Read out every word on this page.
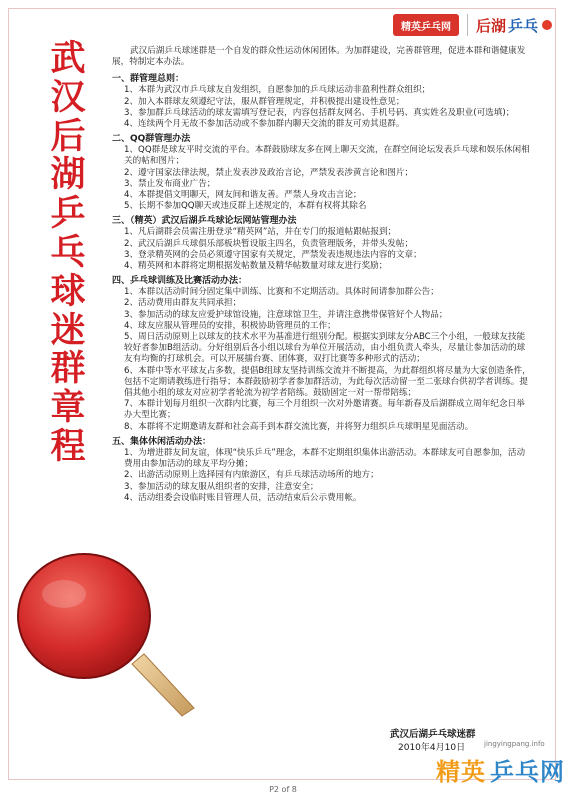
精英乒乓网	后湖 乒乓
武
汉
后
湖
乒
乓
球
迷
群
章
程

武汉后湖乒乓球迷群是一个自发的群众性运动休闲团体。为加群建设，完善群管理，促进本群和谐健康发展，特制定本办法。

一、群管理总则：

1、本群为武汉市乒乓球友自发组织，自愿参加的乒乓球运动非盈利性群众组织；

2、加入本群球友须遵纪守法，服从群管理规定，并积极提出建设性意见；

3、参加群乒乓球活动的球友需填写登记表，内容包括群友网名、手机号码、真实姓名及职业(可选填)；

4、连续两个月无故不参加活动或不参加群内聊天交流的群友可劝其退群。

二、QQ群管理办法

1、QQ群是球友平时交流的平台。本群鼓励球友多在网上聊天交流，在群空间论坛发表乒乓球和娱乐休闲相关的帖和图片；

2、遵守国家法律法规，禁止发表涉及政治言论，严禁发表涉黄言论和图片；

3、禁止发布商业广告；

4、本群提倡文明聊天，网友间和谐友善。严禁人身攻击言论；

5、长期不参加QQ聊天或违反群上述规定的，本群有权将其除名

三、（精英）武汉后湖乒乓球论坛网站管理办法

1、凡后湖群会员需注册登录“精英网”站，并在专门的报道帖跟帖报到；

2、武汉后湖乒乓球俱乐部板块暂设版主四名，负责管理版务，并带头发帖；

3、登录精英网的会员必须遵守国家有关规定，严禁发表违规违法内容的文章；

4、精英网和本群将定期根据发帖数量及精华帖数量对球友进行奖励；

四、乒乓球训练及比赛活动办法：

1、本群以活动时间分固定集中训练、比赛和不定期活动。具体时间请参加群公告；

2、活动费用由群友共同承担；

3、参加活动的球友应爱护球馆设施，注意球馆卫生，并请注意携带保管好个人物品；

4、球友应服从管理员的安排，积极协助管理员的工作；

5、周日活动原则上以球友的技术水平为基准进行组别分配。根据实到球友分ABC三个小组，一般球友技能较好者参加B组活动。分好组别后各小组以球台为单位开展活动，由小组负责人牵头，尽量让参加活动的球友有均衡的打球机会。可以开展擂台赛、团体赛，双打比赛等多种形式的活动；

6、本群中等水平球友占多数，提倡B组球友坚持训练交流并不断提高，为此群组织将尽量为大家创造条件，包括不定期请教练进行指导；本群鼓励初学者参加群活动，为此每次活动留一至二张球台供初学者训练。提倡其他小组的球友对应初学者轮流为初学者陪练。鼓励固定一对一帮带陪练；

7、本群计划每月组织一次群内比赛，每三个月组织一次对外邀请赛。每年新春及后湖群成立周年纪念日举办大型比赛；

8、本群将不定期邀请友群和社会高手到本群交流比赛，并将努力组织乒乓球明星见面活动。

五、集体休闲活动办法：

1、为增进群友间友谊，体现“快乐乒乓”理念，本群不定期组织集体出游活动。本群球友可自愿参加，活动费用由参加活动的球友平均分摊；

2、出游活动原则上选择园有内旅游区，有乒乓球活动场所的地方；

3、参加活动的球友服从组织者的安排，注意安全；

4、活动组委会设临时账目管理人员，活动结束后公示费用帐。

武汉后湖乒乓球迷群
2010年4月10日	jingyingpang.info
精英 乒乓网
P2 of 8
